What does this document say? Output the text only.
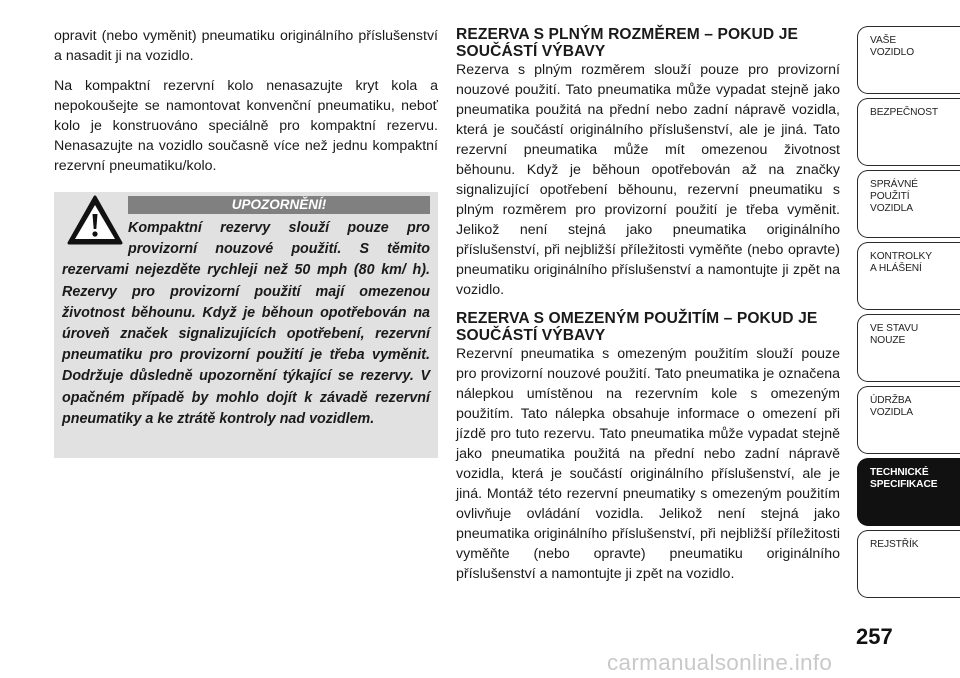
opravit (nebo vyměnit) pneumatiku originálního příslušenství a nasadit ji na vozidlo.

Na kompaktní rezervní kolo nenasazujte kryt kola a nepokoušejte se namontovat konvenční pneumatiku, neboť kolo je konstruováno speciálně pro kompaktní rezervu. Nenasazujte na vozidlo současně více než jednu kompaktní rezervní pneumatiku/kolo.

UPOZORNĚNÍ!

Kompaktní rezervy slouží pouze pro provizorní nouzové použití. S těmito rezervami nejezděte rychleji než 50 mph (80 km/ h). Rezervy pro provizorní použití mají omezenou životnost běhounu. Když je běhoun opotřebován na úroveň značek signalizujících opotřebení, rezervní pneumatiku pro provizorní použití je třeba vyměnit. Dodržuje důsledně upozornění týkající se rezervy. V opačném případě by mohlo dojít k závadě rezervní pneumatiky a ke ztrátě kontroly nad vozidlem.

REZERVA S PLNÝM ROZMĚREM – POKUD JE SOUČÁSTÍ VÝBAVY

Rezerva s plným rozměrem slouží pouze pro provizorní nouzové použití. Tato pneumatika může vypadat stejně jako pneumatika použitá na přední nebo zadní nápravě vozidla, která je součástí originálního příslušenství, ale je jiná. Tato rezervní pneumatika může mít omezenou životnost běhounu. Když je běhoun opotřebován až na značky signalizující opotřebení běhounu, rezervní pneumatiku s plným rozměrem pro provizorní použití je třeba vyměnit. Jelikož není stejná jako pneumatika originálního příslušenství, při nejbližší příležitosti vyměňte (nebo opravte) pneumatiku originálního příslušenství a namontujte ji zpět na vozidlo.

REZERVA S OMEZENÝM POUŽITÍM – POKUD JE SOUČÁSTÍ VÝBAVY

Rezervní pneumatika s omezeným použitím slouží pouze pro provizorní nouzové použití. Tato pneumatika je označena nálepkou umístěnou na rezervním kole s omezeným použitím. Tato nálepka obsahuje informace o omezení při jízdě pro tuto rezervu. Tato pneumatika může vypadat stejně jako pneumatika použitá na přední nebo zadní nápravě vozidla, která je součástí originálního příslušenství, ale je jiná. Montáž této rezervní pneumatiky s omezeným použitím ovlivňuje ovládání vozidla. Jelikož není stejná jako pneumatika originálního příslušenství, při nejbližší příležitosti vyměňte (nebo opravte) pneumatiku originálního příslušenství a namontujte ji zpět na vozidlo.

VAŠE
VOZIDLO
BEZPEČNOST
SPRÁVNÉ
POUŽITÍ
VOZIDLA
KONTROLKY
A HLÁŠENÍ
VE STAVU
NOUZE
ÚDRŽBA
VOZIDLA
TECHNICKÉ
SPECIFIKACE
REJSTŘÍK
257
carmanualsonline.info
